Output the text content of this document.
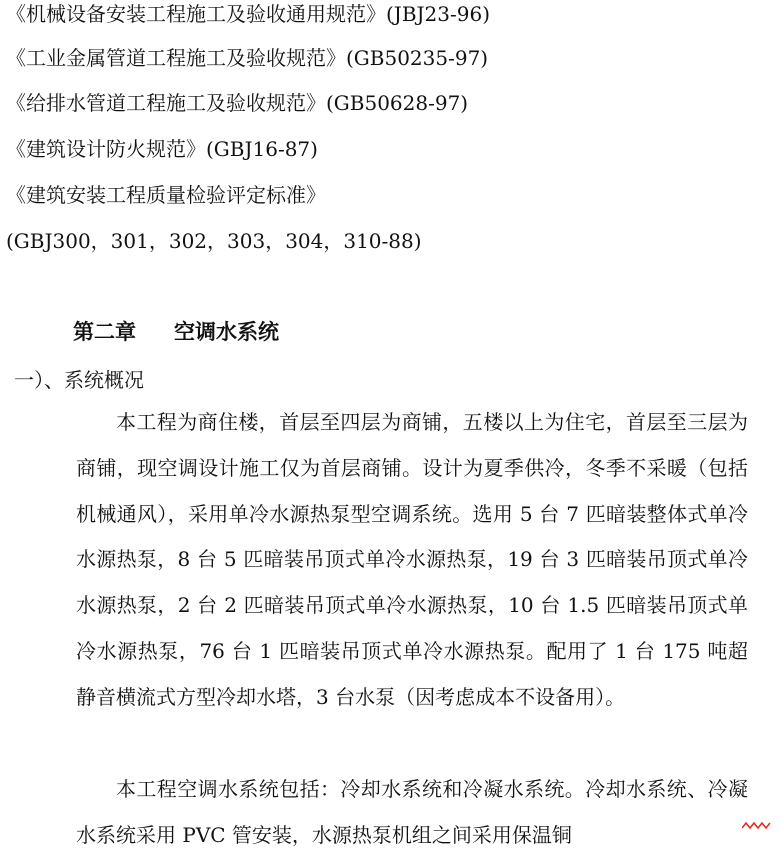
《机械设备安装工程施工及验收通用规范》(JBJ23-96)
《工业金属管道工程施工及验收规范》(GB50235-97)
《给排水管道工程施工及验收规范》(GB50628-97)
《建筑设计防火规范》(GBJ16-87)
《建筑安装工程质量检验评定标准》
(GBJ300，301，302，303，304，310-88)
第二章 空调水系统
一）、系统概况

本工程为商住楼，首层至四层为商铺，五楼以上为住宅，首层至三层为商铺，现空调设计施工仅为首层商铺。设计为夏季供冷，冬季不采暖（包括机械通风），采用单冷水源热泵型空调系统。选用 5 台 7 匹暗装整体式单冷水源热泵，8 台 5 匹暗装吊顶式单冷水源热泵，19 台 3 匹暗装吊顶式单冷水源热泵，2 台 2 匹暗装吊顶式单冷水源热泵，10 台 1.5 匹暗装吊顶式单冷水源热泵，76 台 1 匹暗装吊顶式单冷水源热泵。配用了 1 台 175 吨超静音横流式方型冷却水塔，3 台水泵（因考虑成本不设备用）。

本工程空调水系统包括：冷却水系统和冷凝水系统。冷却水系统、冷凝水系统采用 PVC 管安装，水源热泵机组之间采用保温铜
